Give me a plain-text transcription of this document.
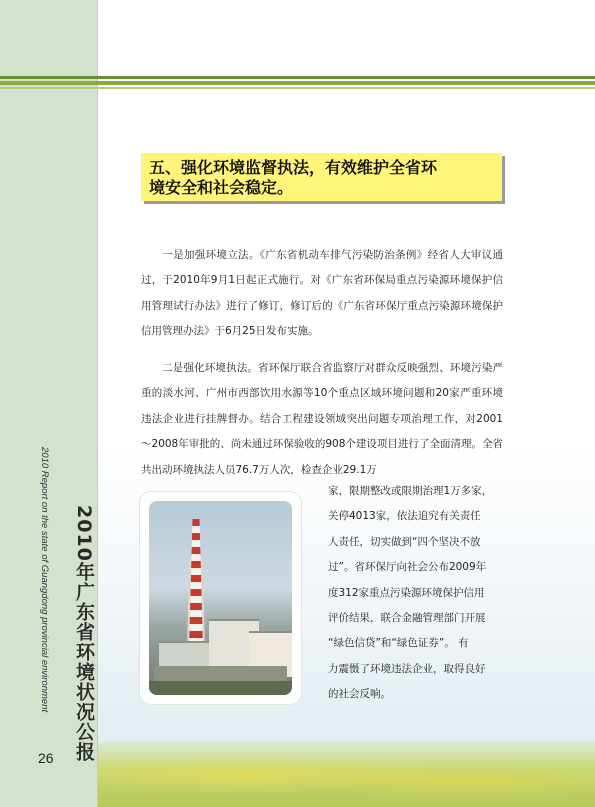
2010年广东省环境状况公报
2010 Report on the state of Guangdong provincial environment
26
五、强化环境监督执法，有效维护全省环
境安全和社会稳定。

一是加强环境立法。《广东省机动车排气污染防治条例》经省人大审议通过，于2010年9月1日起正式施行。对《广东省环保局重点污染源环境保护信用管理试行办法》进行了修订，修订后的《广东省环保厅重点污染源环境保护信用管理办法》于6月25日发布实施。

二是强化环境执法。省环保厅联合省监察厅对群众反映强烈、环境污染严重的淡水河、广州市西部饮用水源等10个重点区域环境问题和20家严重环境违法企业进行挂牌督办。结合工程建设领域突出问题专项治理工作，对2001～2008年审批的、尚未通过环保验收的908个建设项目进行了全面清理。全省共出动环境执法人员76.7万人次，检查企业29.1万

家，限期整改或限期治理1万多家，
关停4013家，依法追究有关责任
人责任，切实做到“四个坚决不放
过”。省环保厅向社会公布2009年
度312家重点污染源环境保护信用
评价结果，联合金融管理部门开展
“绿色信贷”和“绿色证券”。 有
力震慑了环境违法企业，取得良好
的社会反响。
